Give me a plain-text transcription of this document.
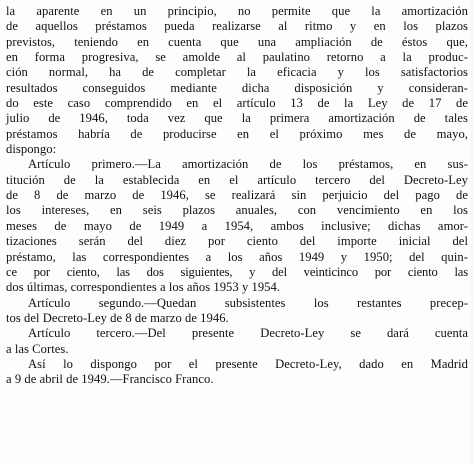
la aparente en un principio, no permite que la amortización
de aquellos préstamos pueda realizarse al ritmo y en los plazos
previstos, teniendo en cuenta que una ampliación de éstos que,
en forma progresiva, se amolde al paulatino retorno a la produc-
ción normal, ha de completar la eficacia y los satisfactorios
resultados conseguidos mediante dicha disposición y consideran-
do este caso comprendido en el artículo 13 de la Ley de 17 de
julio de 1946, toda vez que la primera amortización de tales
préstamos habría de producirse en el próximo mes de mayo,
dispongo:
Artículo primero.—La amortización de los préstamos, en sus-
titución de la establecida en el artículo tercero del Decreto-Ley
de 8 de marzo de 1946, se realizará sin perjuicio del pago de
los intereses, en seis plazos anuales, con vencimiento en los
meses de mayo de 1949 a 1954, ambos inclusive; dichas amor-
tizaciones serán del diez por ciento del importe inicial del
préstamo, las correspondientes a los años 1949 y 1950; del quin-
ce por ciento, las dos siguientes, y del veinticinco por ciento las
dos últimas, correspondientes a los años 1953 y 1954.
Artículo segundo.—Quedan subsistentes los restantes precep-
tos del Decreto-Ley de 8 de marzo de 1946.
Artículo tercero.—Del presente Decreto-Ley se dará cuenta
a las Cortes.
Así lo dispongo por el presente Decreto-Ley, dado en Madrid
a 9 de abril de 1949.—Francisco Franco.
